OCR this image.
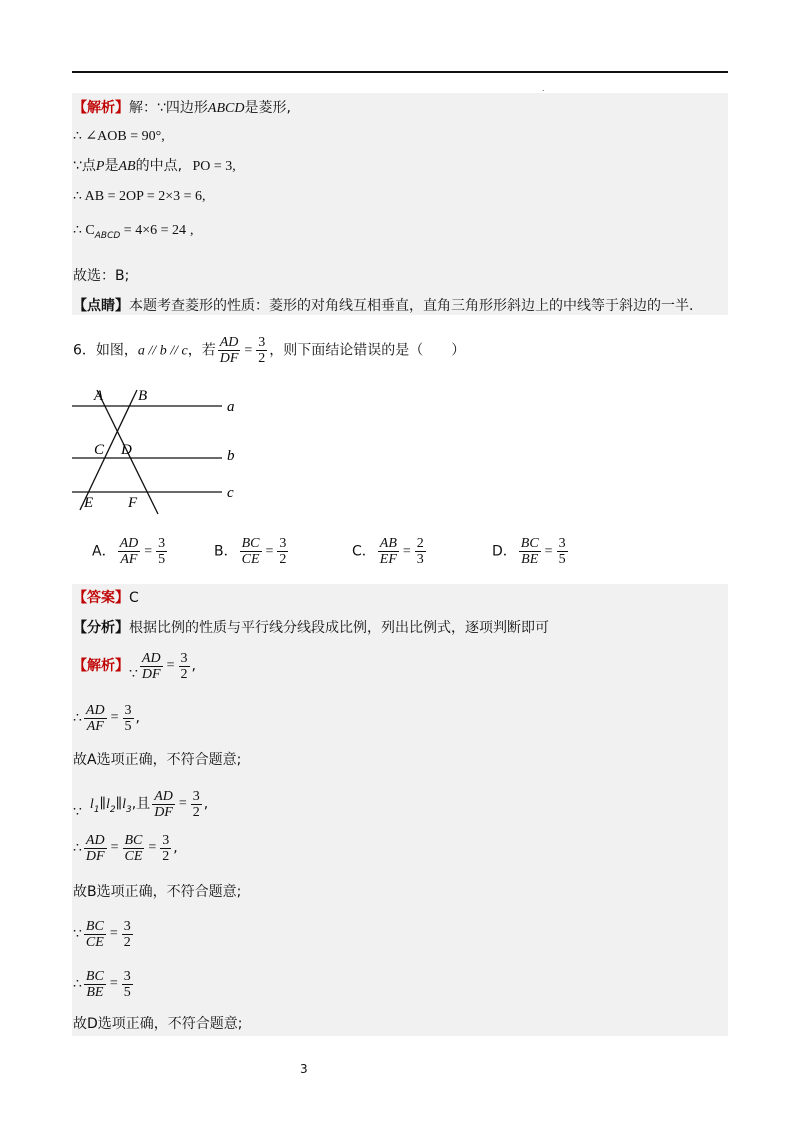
.
【解析】解：∵四边形ABCD是菱形,
∴ ∠AOB = 90°,
∵点P是AB的中点, PO = 3,
∴ AB = 2OP = 2×3 = 6,
∴ $C_{ABCD} = 4\times 6 = 24$ ,
故选：B;
【点睛】本题考查菱形的性质：菱形的对角线互相垂直，直角三角形形斜边上的中线等于斜边的一半.
6．如图，a // b // c，若 $\frac{AD}{DF} = \frac{3}{2}$ ，则下面结论错误的是（　　）
A B
C D
E F
a
b
c
A． $\frac{AD}{AF} = \frac{3}{5}$	B． $\frac{BC}{CE} = \frac{3}{2}$	C． $\frac{AB}{EF} = \frac{2}{3}$	D． $\frac{BC}{BE} = \frac{3}{5}$
【答案】C
【分析】根据比例的性质与平行线分线段成比例，列出比例式，逐项判断即可
【解析】∵ $\frac{AD}{DF} = \frac{3}{2}$ ,
∴ $\frac{AD}{AF} = \frac{3}{5}$ ,
故A选项正确，不符合题意;
$\because l_1\parallel l_2\parallel l_3$,且 $\frac{AD}{DF} = \frac{3}{2}$ ,
∴ $\frac{AD}{DF} = \frac{BC}{CE} = \frac{3}{2}$ ,
故B选项正确，不符合题意;
∵ $\frac{BC}{CE} = \frac{3}{2}$
∴ $\frac{BC}{BE} = \frac{3}{5}$
故D选项正确，不符合题意;
3
